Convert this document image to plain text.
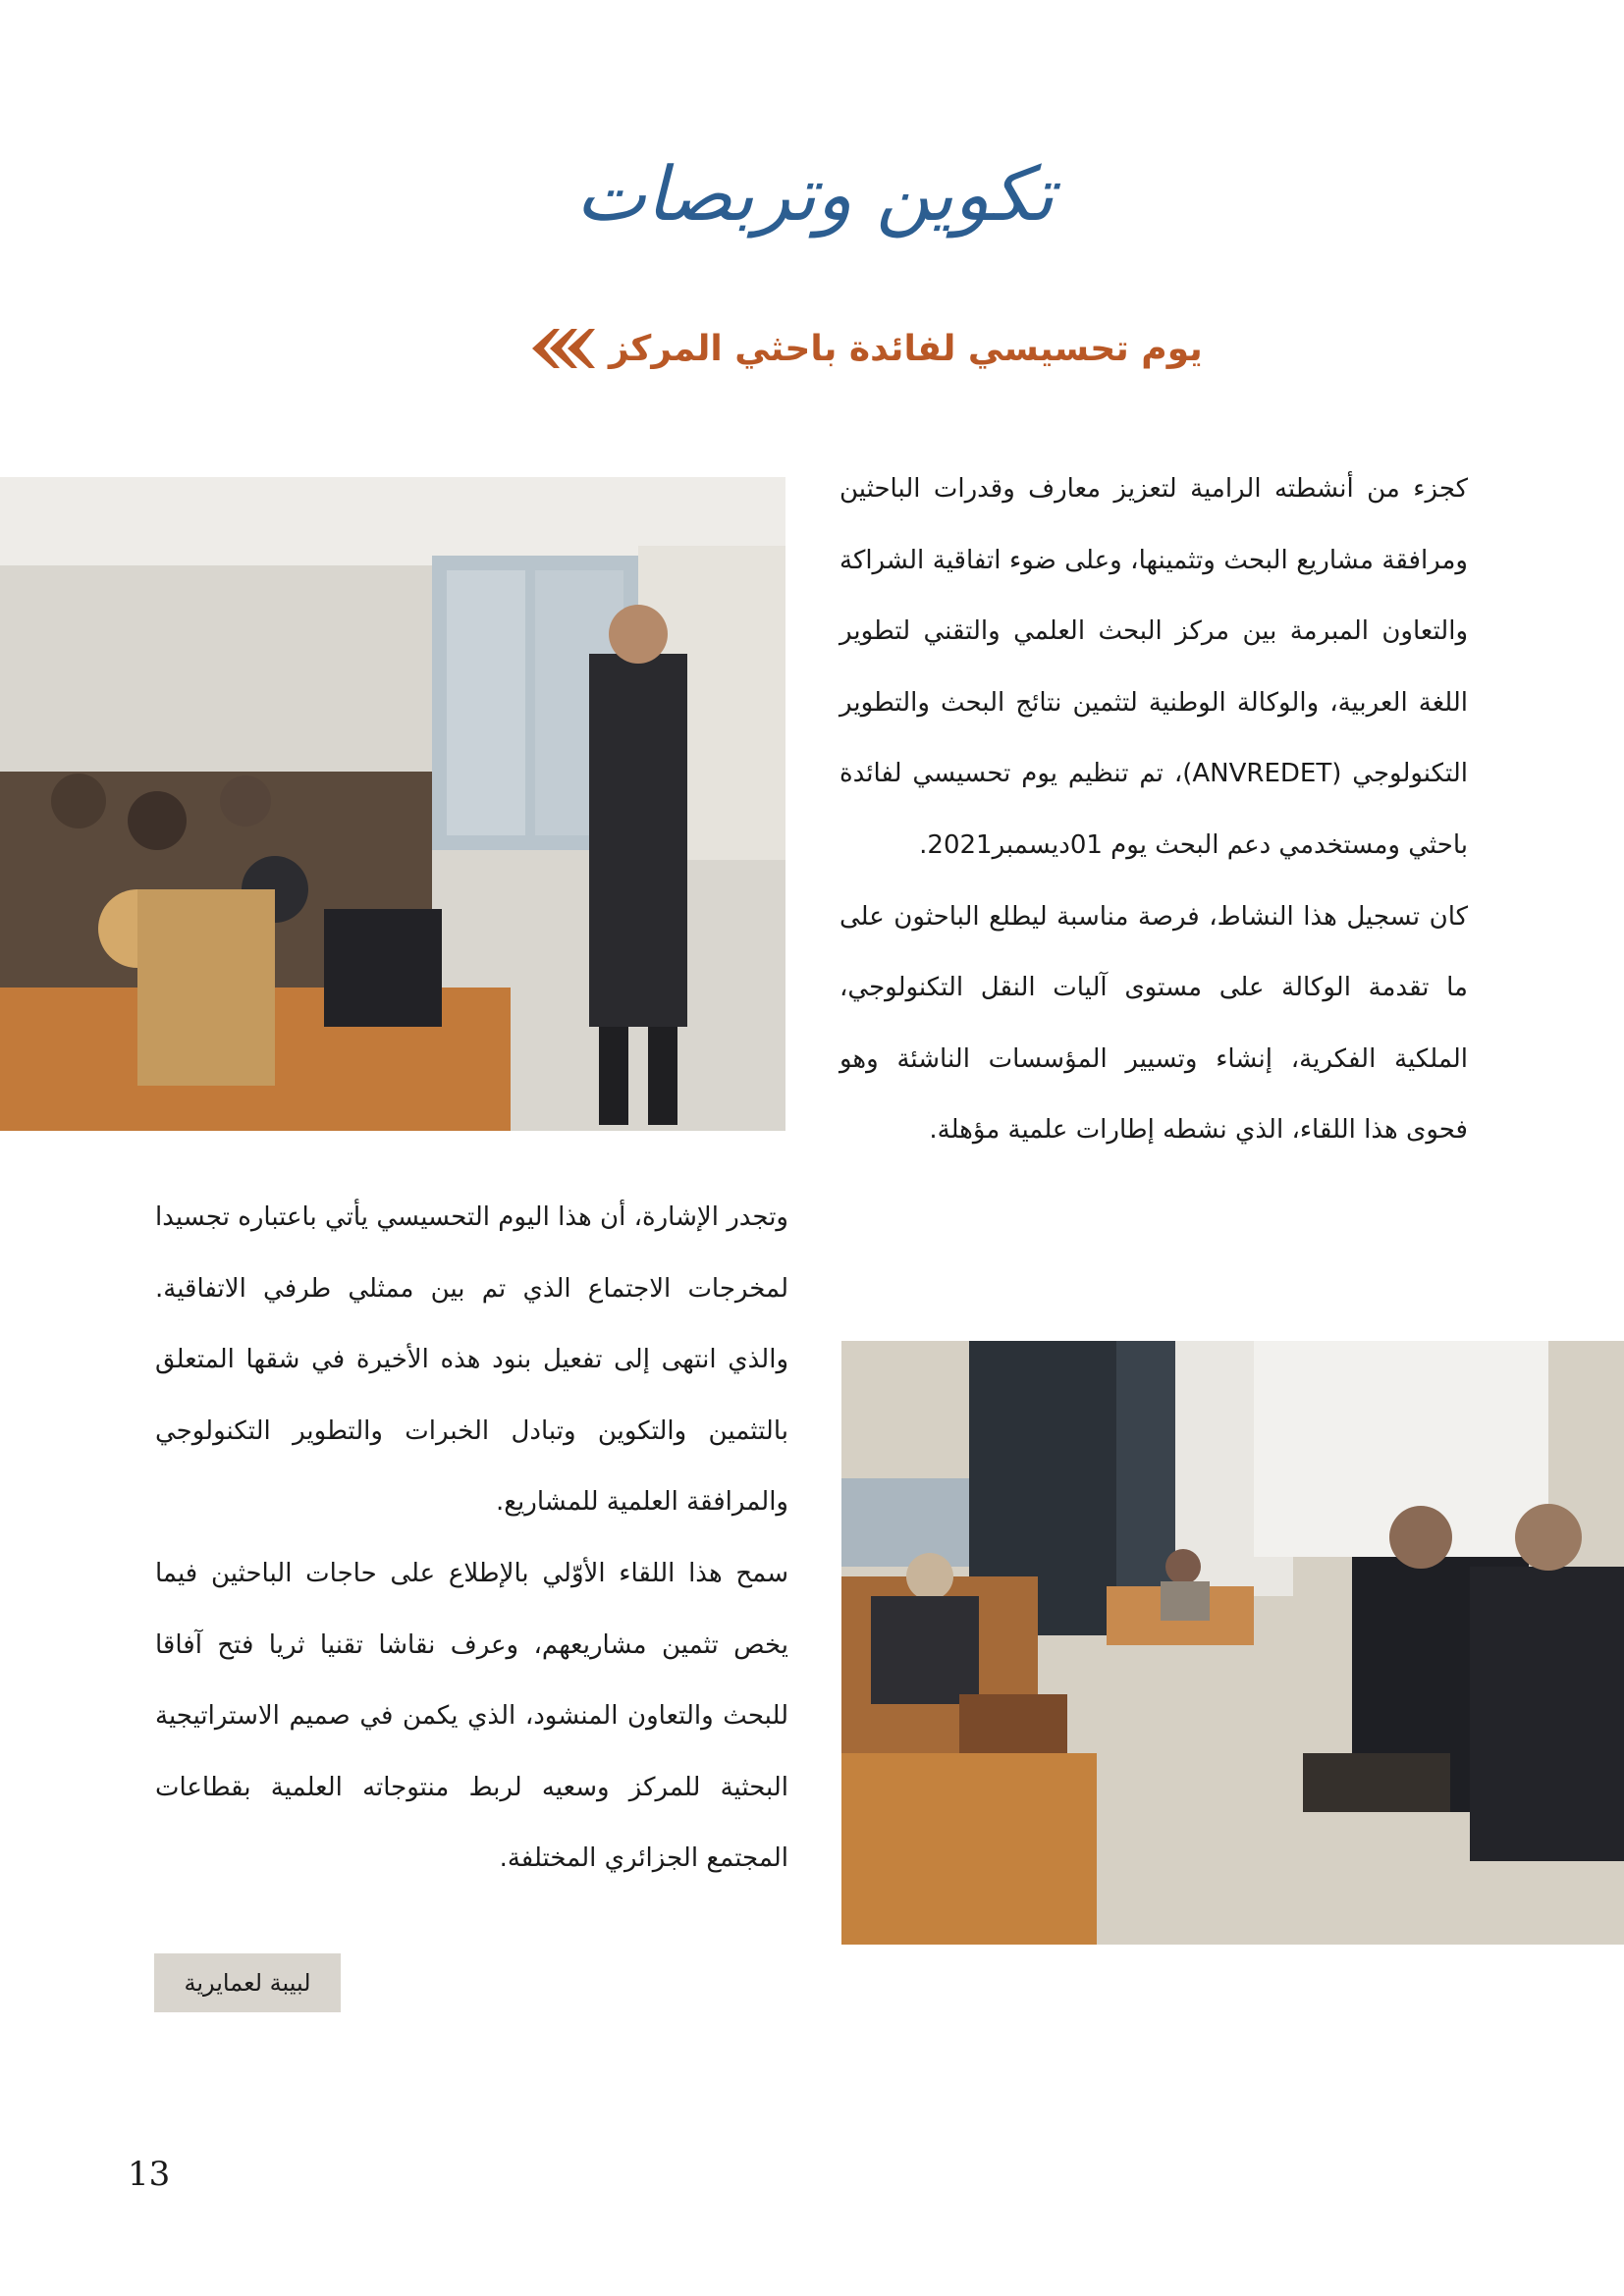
تكوين وتربصات
يوم تحسيسي لفائدة باحثي المركز

كجزء من أنشطته الرامية لتعزيز معارف وقدرات الباحثين ومرافقة مشاريع البحث وتثمينها، وعلى ضوء اتفاقية الشراكة والتعاون المبرمة بين مركز البحث العلمي والتقني لتطوير اللغة العربية، والوكالة الوطنية لتثمين نتائج البحث والتطوير التكنولوجي (ANVREDET)، تم تنظيم يوم تحسيسي لفائدة باحثي ومستخدمي دعم البحث يوم 01ديسمبر2021.

كان تسجيل هذا النشاط، فرصة مناسبة ليطلع الباحثون على ما تقدمة الوكالة على مستوى آليات النقل التكنولوجي، الملكية الفكرية، إنشاء وتسيير المؤسسات الناشئة وهو فحوى هذا اللقاء، الذي نشطه إطارات علمية مؤهلة.

وتجدر الإشارة، أن هذا اليوم التحسيسي يأتي باعتباره تجسيدا لمخرجات الاجتماع الذي تم بين ممثلي طرفي الاتفاقية. والذي انتهى إلى تفعيل بنود هذه الأخيرة في شقها المتعلق بالتثمين والتكوين وتبادل الخبرات والتطوير التكنولوجي والمرافقة العلمية للمشاريع.

سمح هذا اللقاء الأوّلي بالإطلاع على حاجات الباحثين فيما يخص تثمين مشاريعهم، وعرف نقاشا تقنيا ثريا فتح آفاقا للبحث والتعاون المنشود، الذي يكمن في صميم الاستراتيجية البحثية للمركز وسعيه لربط منتوجاته العلمية بقطاعات المجتمع الجزائري المختلفة.

لبيبة لعمايرية
13
